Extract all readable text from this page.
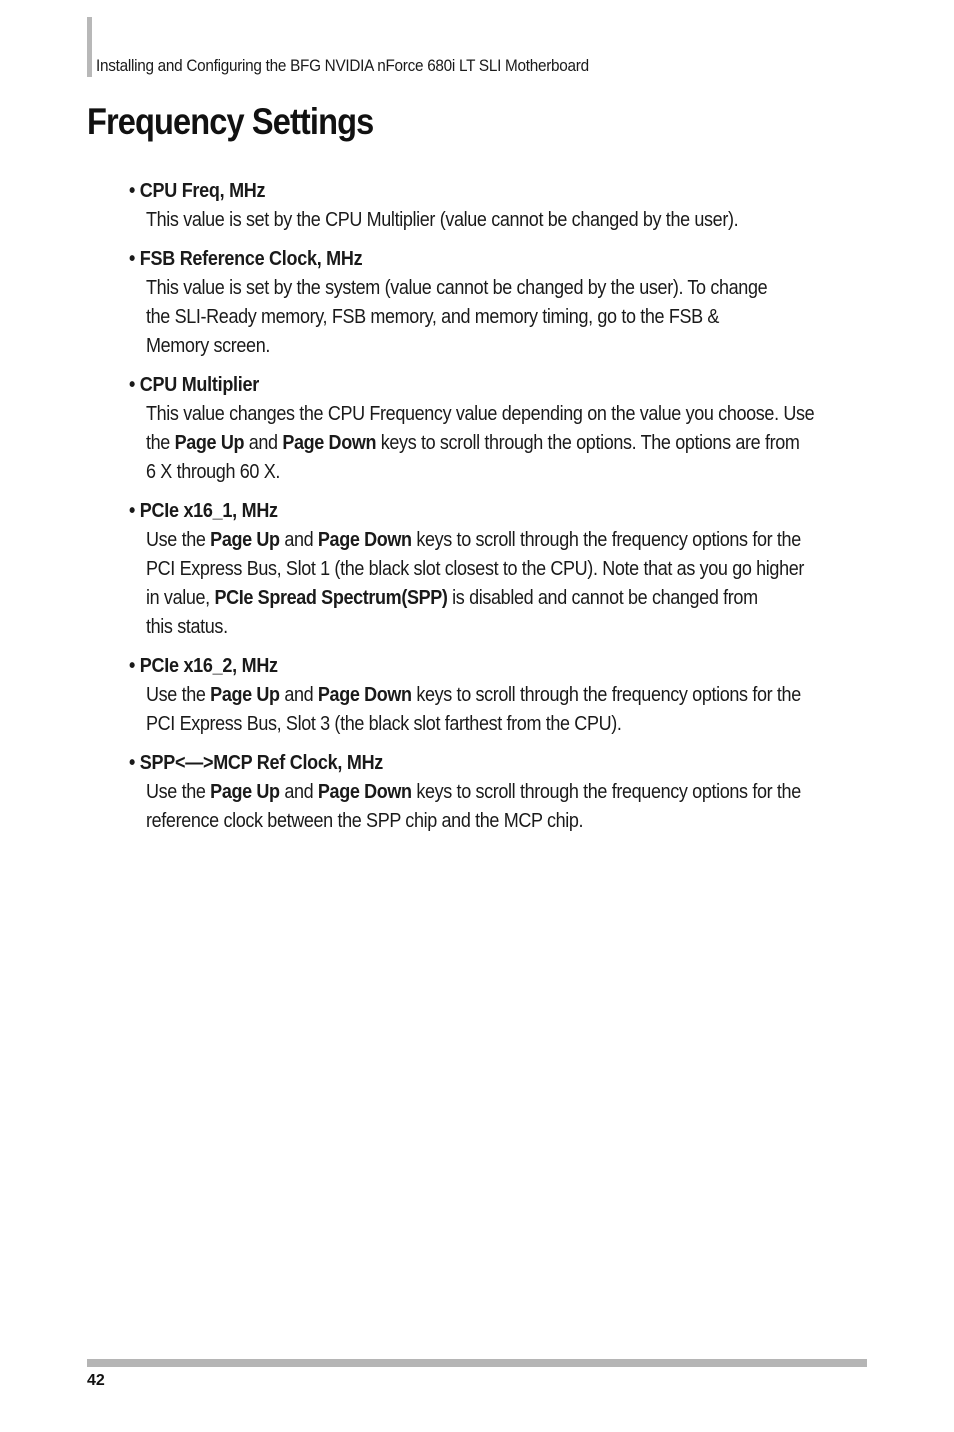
Installing and Configuring the BFG NVIDIA nForce 680i LT SLI Motherboard
Frequency Settings
• CPU Freq, MHz

This value is set by the CPU Multiplier (value cannot be changed by the user).

• FSB Reference Clock, MHz

This value is set by the system (value cannot be changed by the user). To change

the SLI-Ready memory, FSB memory, and memory timing, go to the FSB &

Memory screen.

• CPU Multiplier

This value changes the CPU Frequency value depending on the value you choose. Use

the Page Up and Page Down keys to scroll through the options. The options are from

6 X through 60 X.

• PCIe x16_1, MHz

Use the Page Up and Page Down keys to scroll through the frequency options for the

PCI Express Bus, Slot 1 (the black slot closest to the CPU). Note that as you go higher

in value, PCIe Spread Spectrum(SPP) is disabled and cannot be changed from

this status.

• PCIe x16_2, MHz

Use the Page Up and Page Down keys to scroll through the frequency options for the

PCI Express Bus, Slot 3 (the black slot farthest from the CPU).

• SPP<—>MCP Ref Clock, MHz

Use the Page Up and Page Down keys to scroll through the frequency options for the

reference clock between the SPP chip and the MCP chip.

42
